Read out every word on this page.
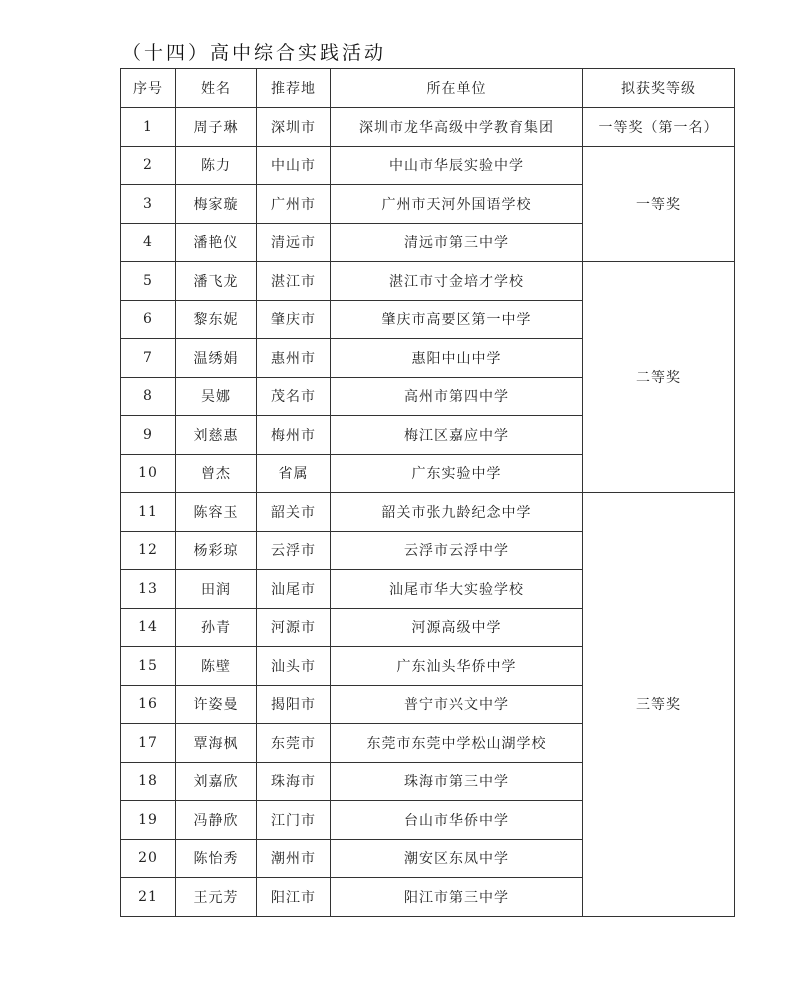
（十四）高中综合实践活动
序号	姓名	推荐地	所在单位	拟获奖等级
1	周子琳	深圳市	深圳市龙华高级中学教育集团	一等奖（第一名）
2	陈力	中山市	中山市华辰实验中学	一等奖
3	梅家璇	广州市	广州市天河外国语学校	
4	潘艳仪	清远市	清远市第三中学	
5	潘飞龙	湛江市	湛江市寸金培才学校	二等奖
6	黎东妮	肇庆市	肇庆市高要区第一中学	
7	温绣娟	惠州市	惠阳中山中学	
8	吴娜	茂名市	高州市第四中学	
9	刘慈惠	梅州市	梅江区嘉应中学	
10	曾杰	省属	广东实验中学	
11	陈容玉	韶关市	韶关市张九龄纪念中学	三等奖
12	杨彩琼	云浮市	云浮市云浮中学	
13	田润	汕尾市	汕尾市华大实验学校	
14	孙青	河源市	河源高级中学	
15	陈壁	汕头市	广东汕头华侨中学	
16	许姿曼	揭阳市	普宁市兴文中学	
17	覃海枫	东莞市	东莞市东莞中学松山湖学校	
18	刘嘉欣	珠海市	珠海市第三中学	
19	冯静欣	江门市	台山市华侨中学	
20	陈怡秀	潮州市	潮安区东凤中学	
21	王元芳	阳江市	阳江市第三中学	
